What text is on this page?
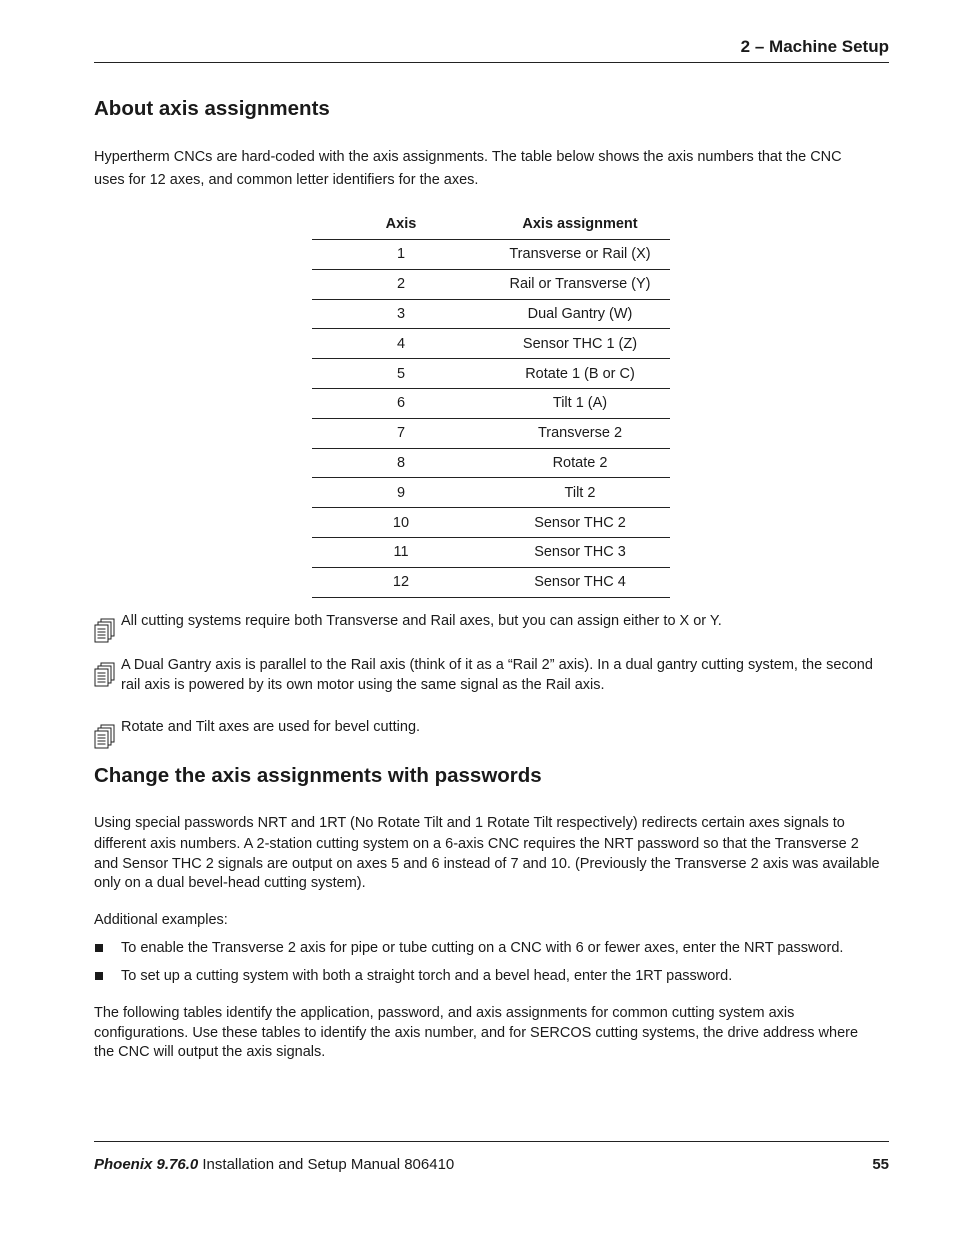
2 – Machine Setup
About axis assignments
Hypertherm CNCs are hard-coded with the axis assignments. The table below shows the axis numbers that the CNC
uses for 12 axes, and common letter identifiers for the axes.
Axis	Axis assignment
1	Transverse or Rail (X)
2	Rail or Transverse (Y)
3	Dual Gantry (W)
4	Sensor THC 1 (Z)
5	Rotate 1 (B or C)
6	Tilt 1 (A)
7	Transverse 2
8	Rotate 2
9	Tilt 2
10	Sensor THC 2
11	Sensor THC 3
12	Sensor THC 4
All cutting systems require both Transverse and Rail axes, but you can assign either to X or Y.
A Dual Gantry axis is parallel to the Rail axis (think of it as a “Rail 2” axis). In a dual gantry cutting system, the second
rail axis is powered by its own motor using the same signal as the Rail axis.
Rotate and Tilt axes are used for bevel cutting.
Change the axis assignments with passwords
Using special passwords NRT and 1RT (No Rotate Tilt and 1 Rotate Tilt respectively) redirects certain axes signals to
different axis numbers. A 2-station cutting system on a 6-axis CNC requires the NRT password so that the Transverse 2
and Sensor THC 2 signals are output on axes 5 and 6 instead of 7 and 10. (Previously the Transverse 2 axis was available
only on a dual bevel-head cutting system).
Additional examples:
To enable the Transverse 2 axis for pipe or tube cutting on a CNC with 6 or fewer axes, enter the NRT password.
To set up a cutting system with both a straight torch and a bevel head, enter the 1RT password.
The following tables identify the application, password, and axis assignments for common cutting system axis
configurations. Use these tables to identify the axis number, and for SERCOS cutting systems, the drive address where
the CNC will output the axis signals.
Phoenix 9.76.0 Installation and Setup Manual 806410	55
